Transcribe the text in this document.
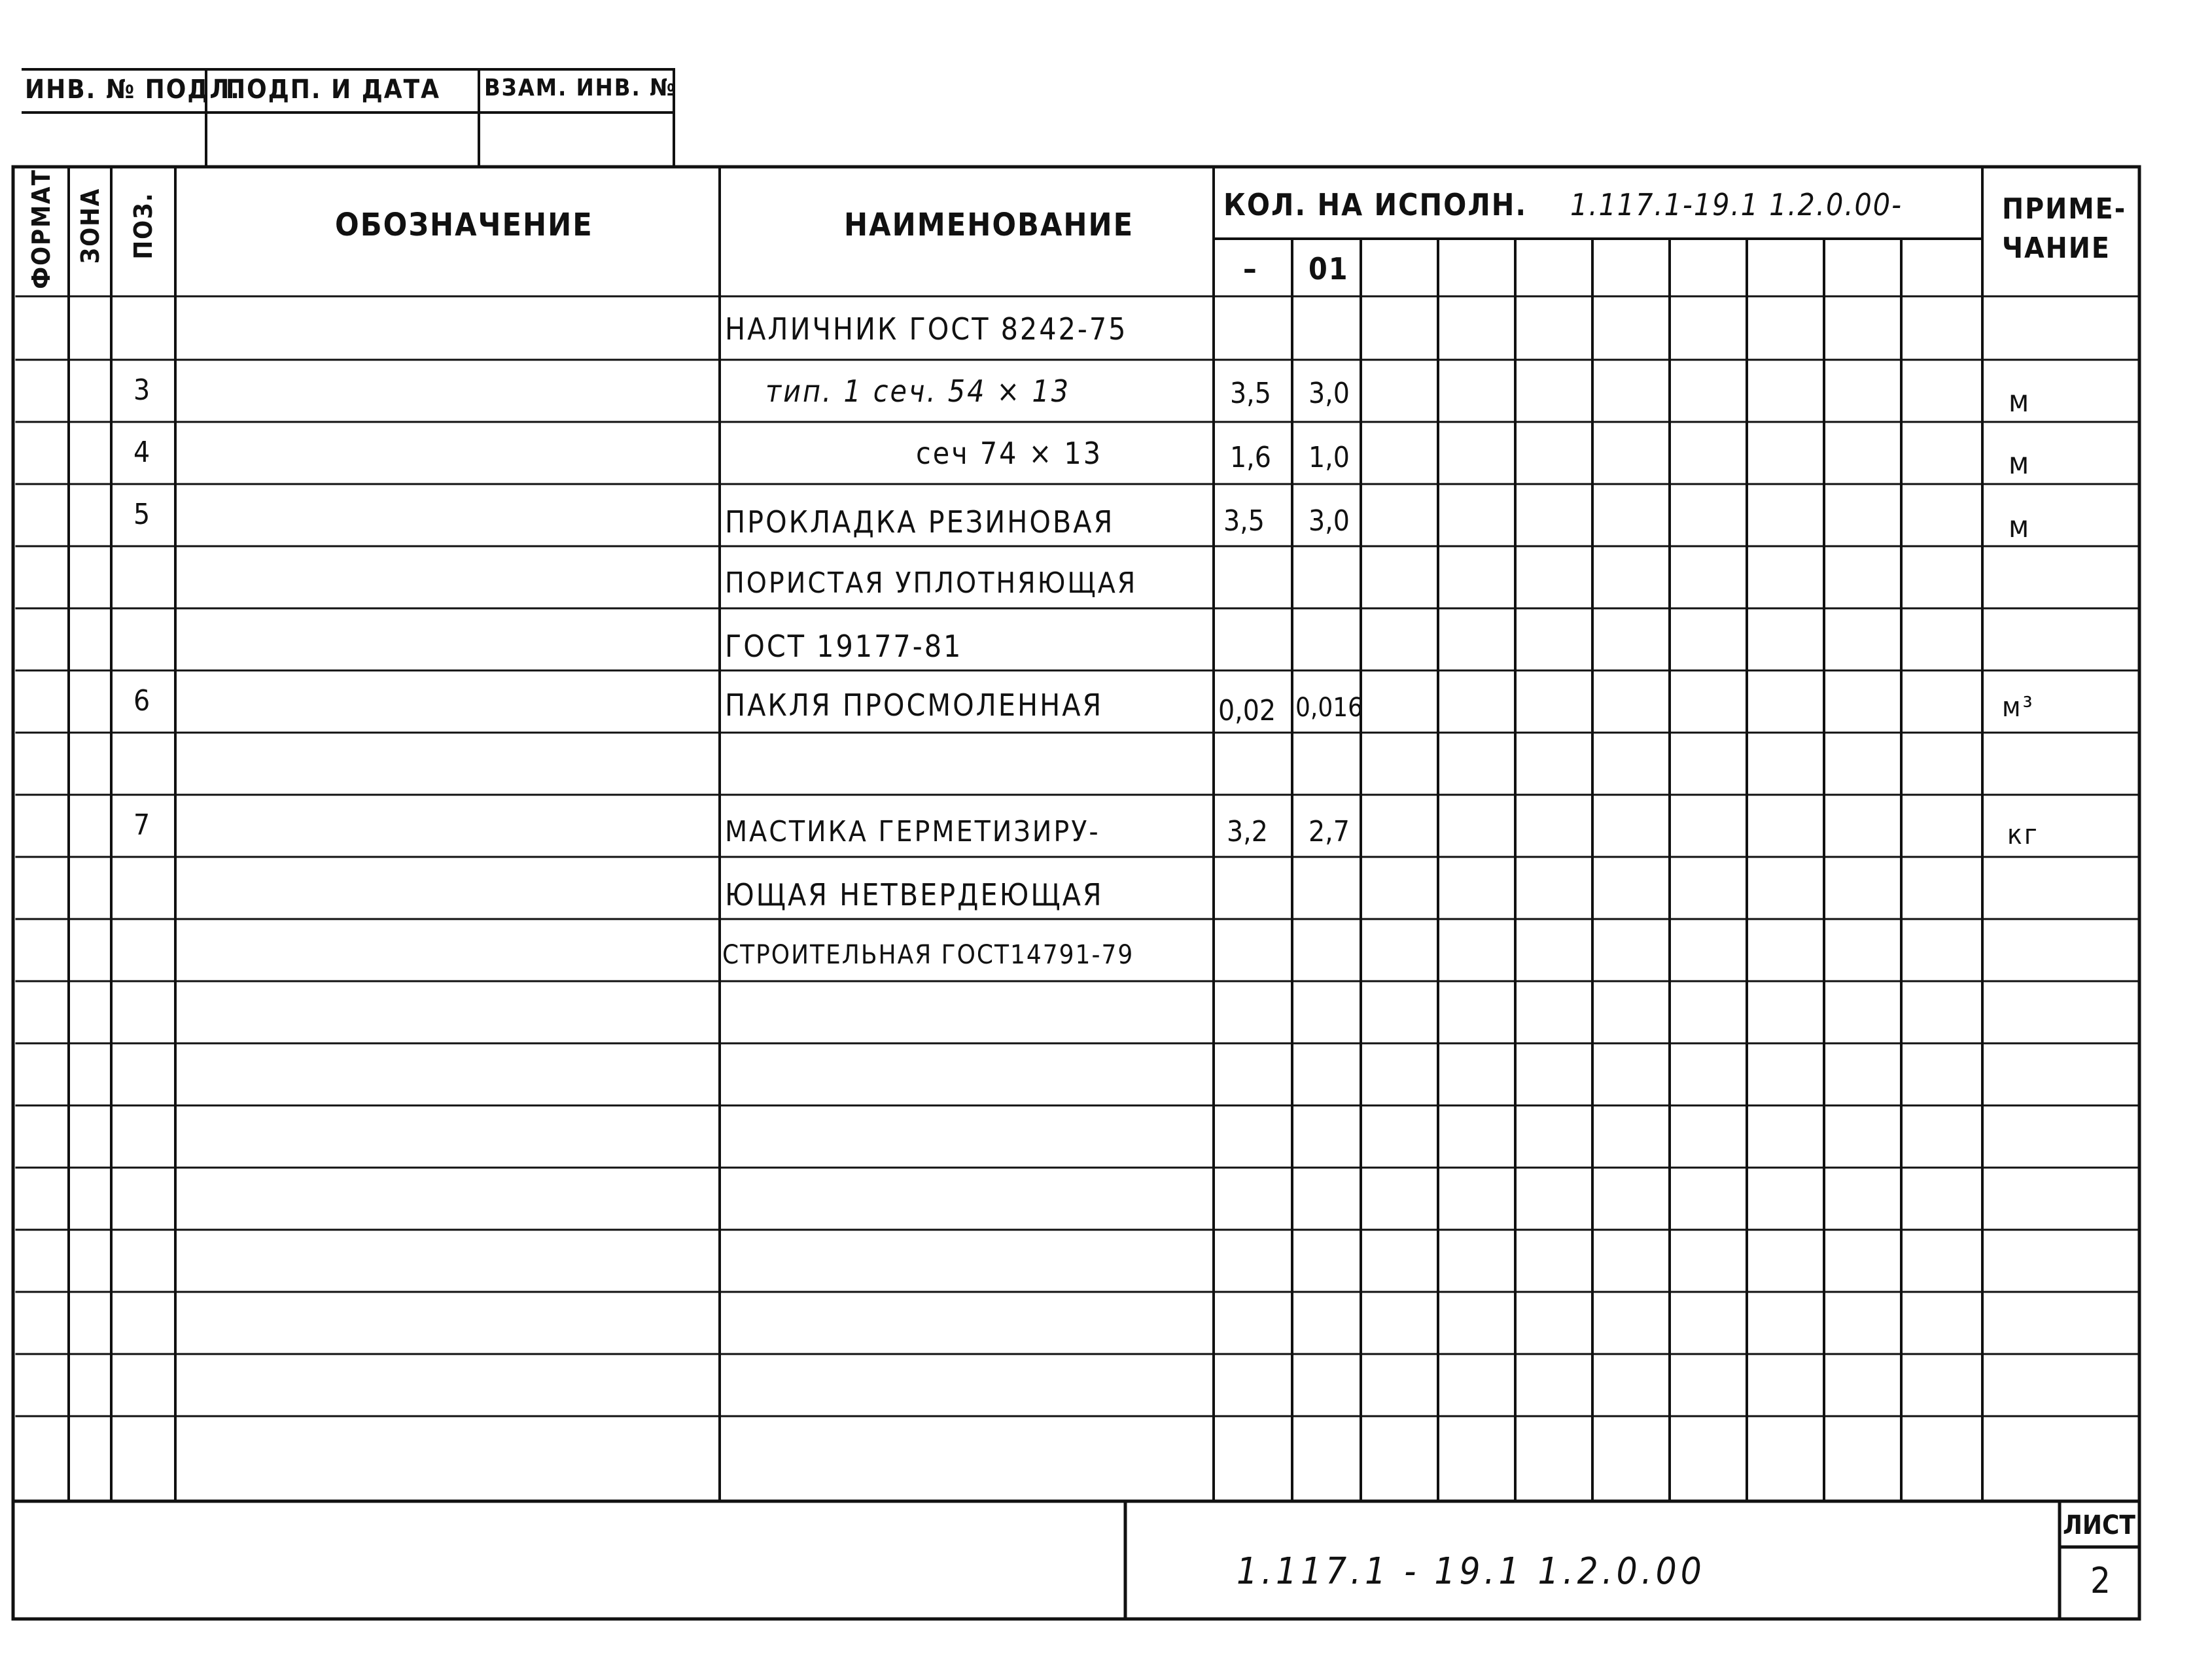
ИНВ. № ПОДЛ.
ПОДП. И ДАТА ВЗАМ. ИНВ. №
ФОРМАТ ЗОНА ПОЗ.	ОБОЗНАЧЕНИЕ	НАИМЕНОВАНИЕ
КОЛ. НА ИСПОЛН. 1.117.1-19.1 1.2.0.00-
– 01
ПРИМЕ-
ЧАНИЕ
НАЛИЧНИК ГОСТ 8242-75
3	тип. 1 сеч. 54 × 13	3,5 3,0	м
4	сеч 74 × 13	1,6 1,0	м
5	ПРОКЛАДКА РЕЗИНОВАЯ	3,5 3,0	м
ПОРИСТАЯ УПЛОТНЯЮЩАЯ
ГОСТ 19177-81
6	ПАКЛЯ ПРОСМОЛЕННАЯ	0,02 0,016	м³
7	МАСТИКА ГЕРМЕТИЗИРУ-	3,2 2,7	кг
ЮЩАЯ НЕТВЕРДЕЮЩАЯ
СТРОИТЕЛЬНАЯ ГОСТ14791-79
1.117.1 - 19.1 1.2.0.00
ЛИСТ
2
